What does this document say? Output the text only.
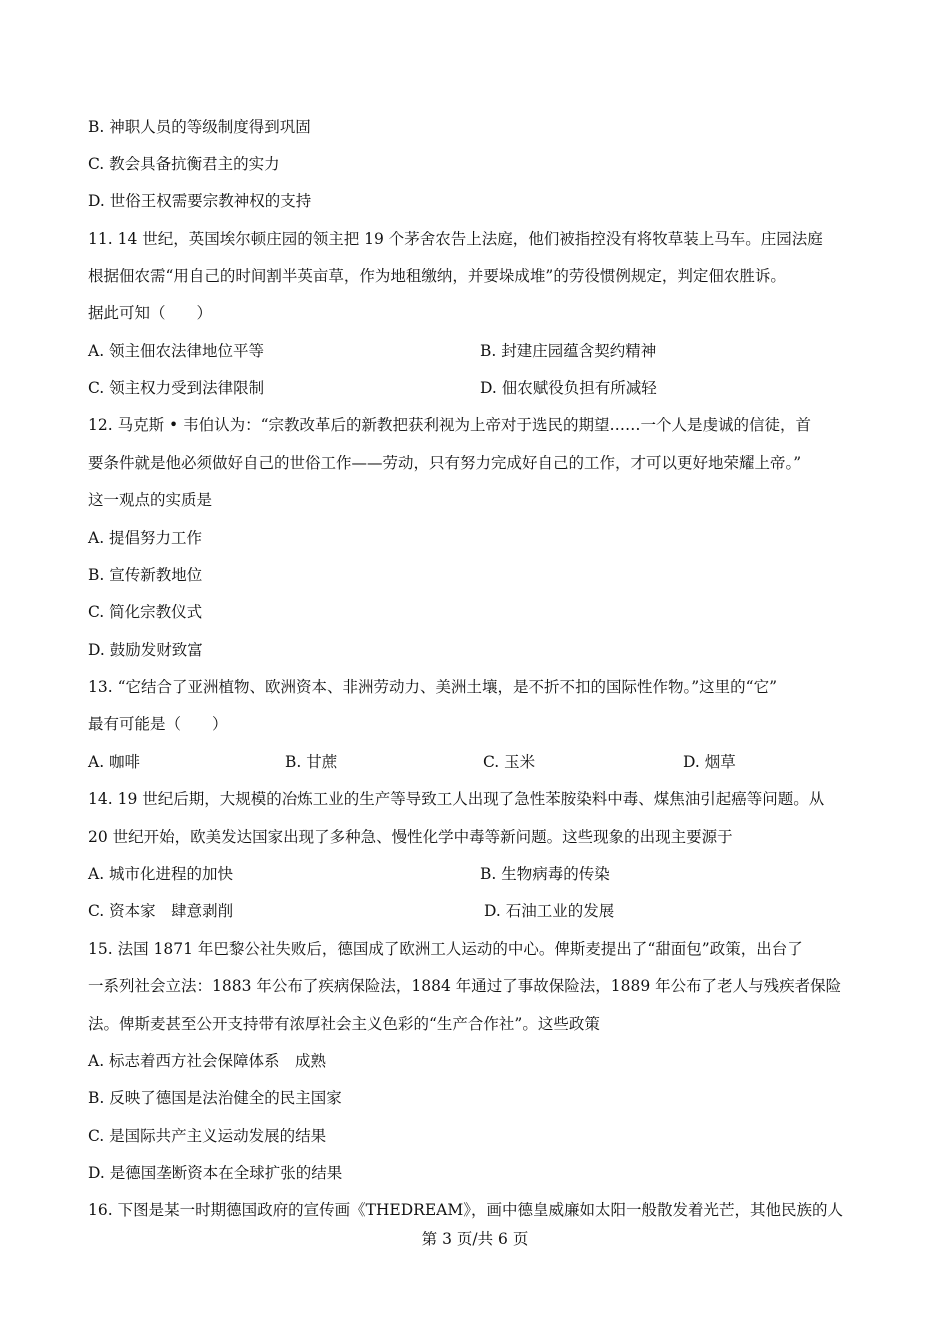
B. 神职人员的等级制度得到巩固
C. 教会具备抗衡君主的实力
D. 世俗王权需要宗教神权的支持
11. 14 世纪，英国埃尔顿庄园的领主把 19 个茅舍农告上法庭，他们被指控没有将牧草装上马车。庄园法庭
根据佃农需“用自己的时间割半英亩草，作为地租缴纳，并要垛成堆”的劳役惯例规定，判定佃农胜诉。
据此可知（　　）
A. 领主佃农法律地位平等	B. 封建庄园蕴含契约精神
C. 领主权力受到法律限制	D. 佃农赋役负担有所减轻
12. 马克斯 • 韦伯认为：“宗教改革后的新教把获利视为上帝对于选民的期望……一个人是虔诚的信徒，首
要条件就是他必须做好自己的世俗工作——劳动，只有努力完成好自己的工作，才可以更好地荣耀上帝。”
这一观点的实质是
A. 提倡努力工作
B. 宣传新教地位
C. 简化宗教仪式
D. 鼓励发财致富
13. “它结合了亚洲植物、欧洲资本、非洲劳动力、美洲土壤，是不折不扣的国际性作物。”这里的“它”
最有可能是（　　）
A. 咖啡	B. 甘蔗	C. 玉米	D. 烟草
14. 19 世纪后期，大规模的冶炼工业的生产等导致工人出现了急性苯胺染料中毒、煤焦油引起癌等问题。从
20 世纪开始，欧美发达国家出现了多种急、慢性化学中毒等新问题。这些现象的出现主要源于
A. 城市化进程的加快	B. 生物病毒的传染
C. 资本家　肆意剥削	D. 石油工业的发展
15. 法国 1871 年巴黎公社失败后，德国成了欧洲工人运动的中心。俾斯麦提出了“甜面包”政策，出台了
一系列社会立法：1883 年公布了疾病保险法，1884 年通过了事故保险法，1889 年公布了老人与残疾者保险
法。俾斯麦甚至公开支持带有浓厚社会主义色彩的“生产合作社”。这些政策
A. 标志着西方社会保障体系　成熟
B. 反映了德国是法治健全的民主国家
C. 是国际共产主义运动发展的结果
D. 是德国垄断资本在全球扩张的结果
16. 下图是某一时期德国政府的宣传画《THEDREAM》，画中德皇威廉如太阳一般散发着光芒，其他民族的人
第 3 页/共 6 页
